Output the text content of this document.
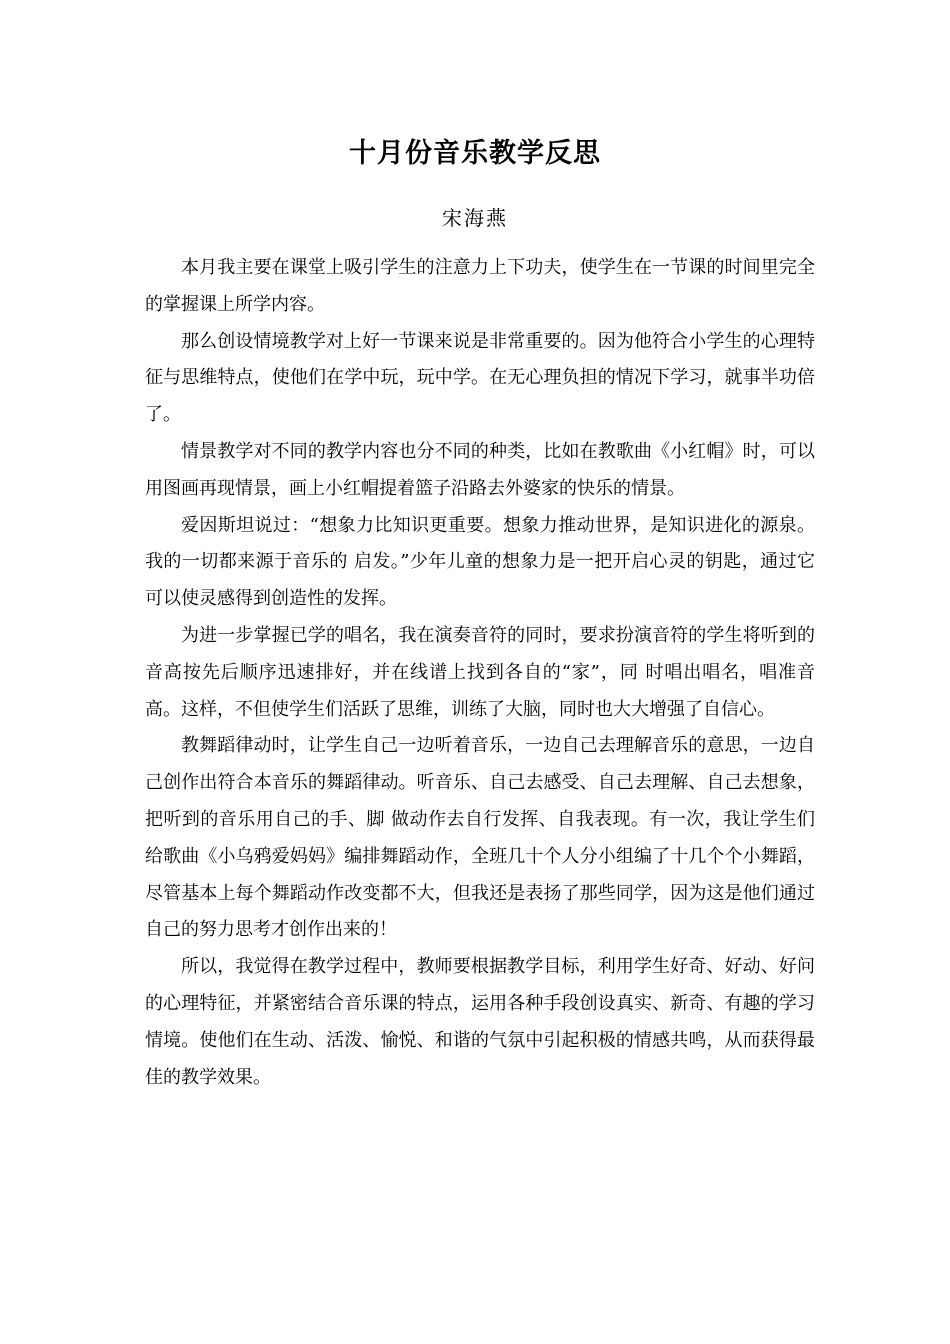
十月份音乐教学反思
宋海燕

本月我主要在课堂上吸引学生的注意力上下功夫，使学生在一节课的时间里完全的掌握课上所学内容。

那么创设情境教学对上好一节课来说是非常重要的。因为他符合小学生的心理特征与思维特点，使他们在学中玩，玩中学。在无心理负担的情况下学习，就事半功倍了。

情景教学对不同的教学内容也分不同的种类，比如在教歌曲《小红帽》时，可以用图画再现情景，画上小红帽提着篮子沿路去外婆家的快乐的情景。

爱因斯坦说过：“想象力比知识更重要。想象力推动世界，是知识进化的源泉。我的一切都来源于音乐的 启发。”少年儿童的想象力是一把开启心灵的钥匙，通过它可以使灵感得到创造性的发挥。

为进一步掌握已学的唱名，我在演奏音符的同时，要求扮演音符的学生将听到的音高按先后顺序迅速排好，并在线谱上找到各自的“家”，同 时唱出唱名，唱准音高。这样，不但使学生们活跃了思维，训练了大脑，同时也大大增强了自信心。

教舞蹈律动时，让学生自己一边听着音乐，一边自己去理解音乐的意思，一边自己创作出符合本音乐的舞蹈律动。听音乐、自己去感受、自己去理解、自己去想象，把听到的音乐用自己的手、脚 做动作去自行发挥、自我表现。有一次，我让学生们给歌曲《小乌鸦爱妈妈》编排舞蹈动作，全班几十个人分小组编了十几个个小舞蹈，尽管基本上每个舞蹈动作改变都不大，但我还是表扬了那些同学，因为这是他们通过自己的努力思考才创作出来的！

所以，我觉得在教学过程中，教师要根据教学目标，利用学生好奇、好动、好问的心理特征，并紧密结合音乐课的特点，运用各种手段创设真实、新奇、有趣的学习情境。使他们在生动、活泼、愉悦、和谐的气氛中引起积极的情感共鸣，从而获得最佳的教学效果。
